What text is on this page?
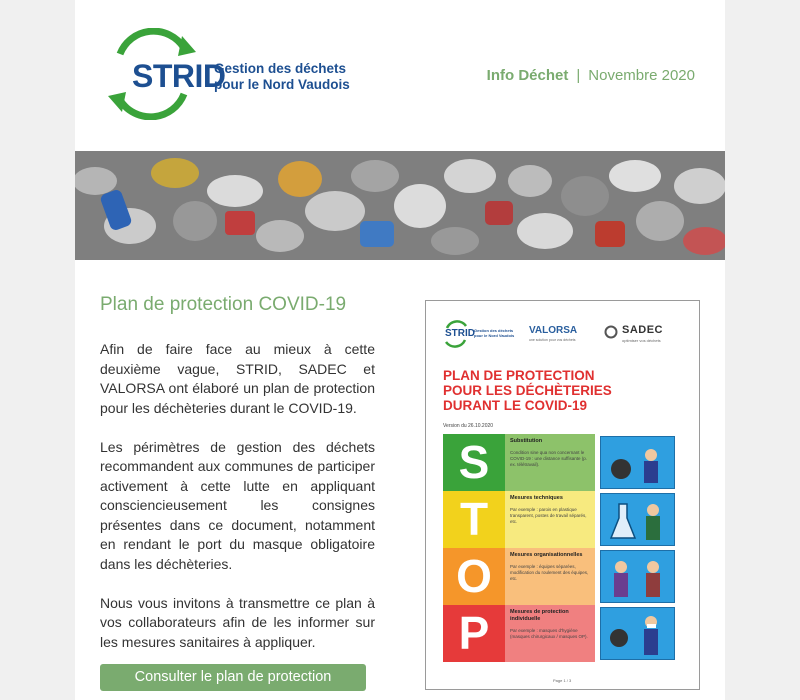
STRID
Gestion des déchets
pour le Nord Vaudois
Info Déchet | Novembre 2020
Plan de protection COVID-19

Afin de faire face au mieux à cette deuxième vague, STRID, SADEC et VALORSA ont élaboré un plan de protection pour les déchèteries durant le COVID-19.

Les périmètres de gestion des déchets recommandent aux communes de participer activement à cette lutte en appliquant consciencieusement les consignes présentes dans ce document, notamment en rendant le port du masque obligatoire dans les déchèteries.

Nous vous invitons à transmettre ce plan à vos collaborateurs afin de les informer sur les mesures sanitaires à appliquer.

Consulter le plan de protection
STRID Gestion des déchets pour le Nord Vaudois	VALORSA
une solution pour vos déchets
SADEC
optimiser vos déchets
PLAN DE PROTECTION
POUR LES DÉCHÈTERIES
DURANT LE COVID-19
Version du 26.10.2020
S	Substitution
Condition sine qua non concernant le COVID-19 : une distance suffisante (p. ex. télétravail).
T	Mesures techniques
Par exemple : parois en plastique transparent, postes de travail séparés, etc.
O	Mesures organisationnelles
Par exemple : équipes séparées, modification du roulement des équipes, etc.
P	Mesures de protection individuelle
Par exemple : masques d'hygiène (masques chirurgicaux / masques OP).
Page 1 / 3
